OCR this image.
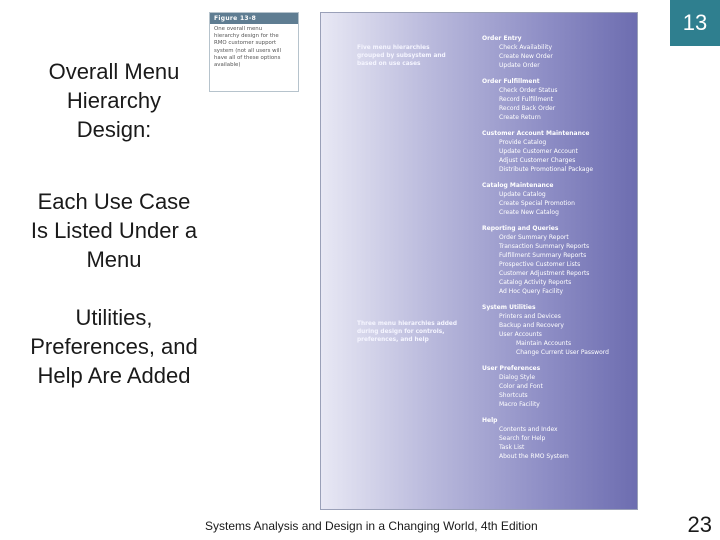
13
Overall Menu
Hierarchy
Design:
Each Use Case
Is Listed Under a
Menu
Utilities,
Preferences, and
Help Are Added
Figure 13-8
One overall menu
hierarchy design for the
RMO customer support
system (not all users will
have all of these options
available)
Five menu hierarchies
grouped by subsystem and
based on use cases
Three menu hierarchies added
during design for controls,
preferences, and help
Order Entry
Check Availability
Create New Order
Update Order
Order Fulfillment
Check Order Status
Record Fulfillment
Record Back Order
Create Return
Customer Account Maintenance
Provide Catalog
Update Customer Account
Adjust Customer Charges
Distribute Promotional Package
Catalog Maintenance
Update Catalog
Create Special Promotion
Create New Catalog
Reporting and Queries
Order Summary Report
Transaction Summary Reports
Fulfillment Summary Reports
Prospective Customer Lists
Customer Adjustment Reports
Catalog Activity Reports
Ad Hoc Query Facility
System Utilities
Printers and Devices
Backup and Recovery
User Accounts
Maintain Accounts
Change Current User Password
User Preferences
Dialog Style
Color and Font
Shortcuts
Macro Facility
Help
Contents and Index
Search for Help
Task List
About the RMO System
Systems Analysis and Design in a Changing World, 4th Edition	23
